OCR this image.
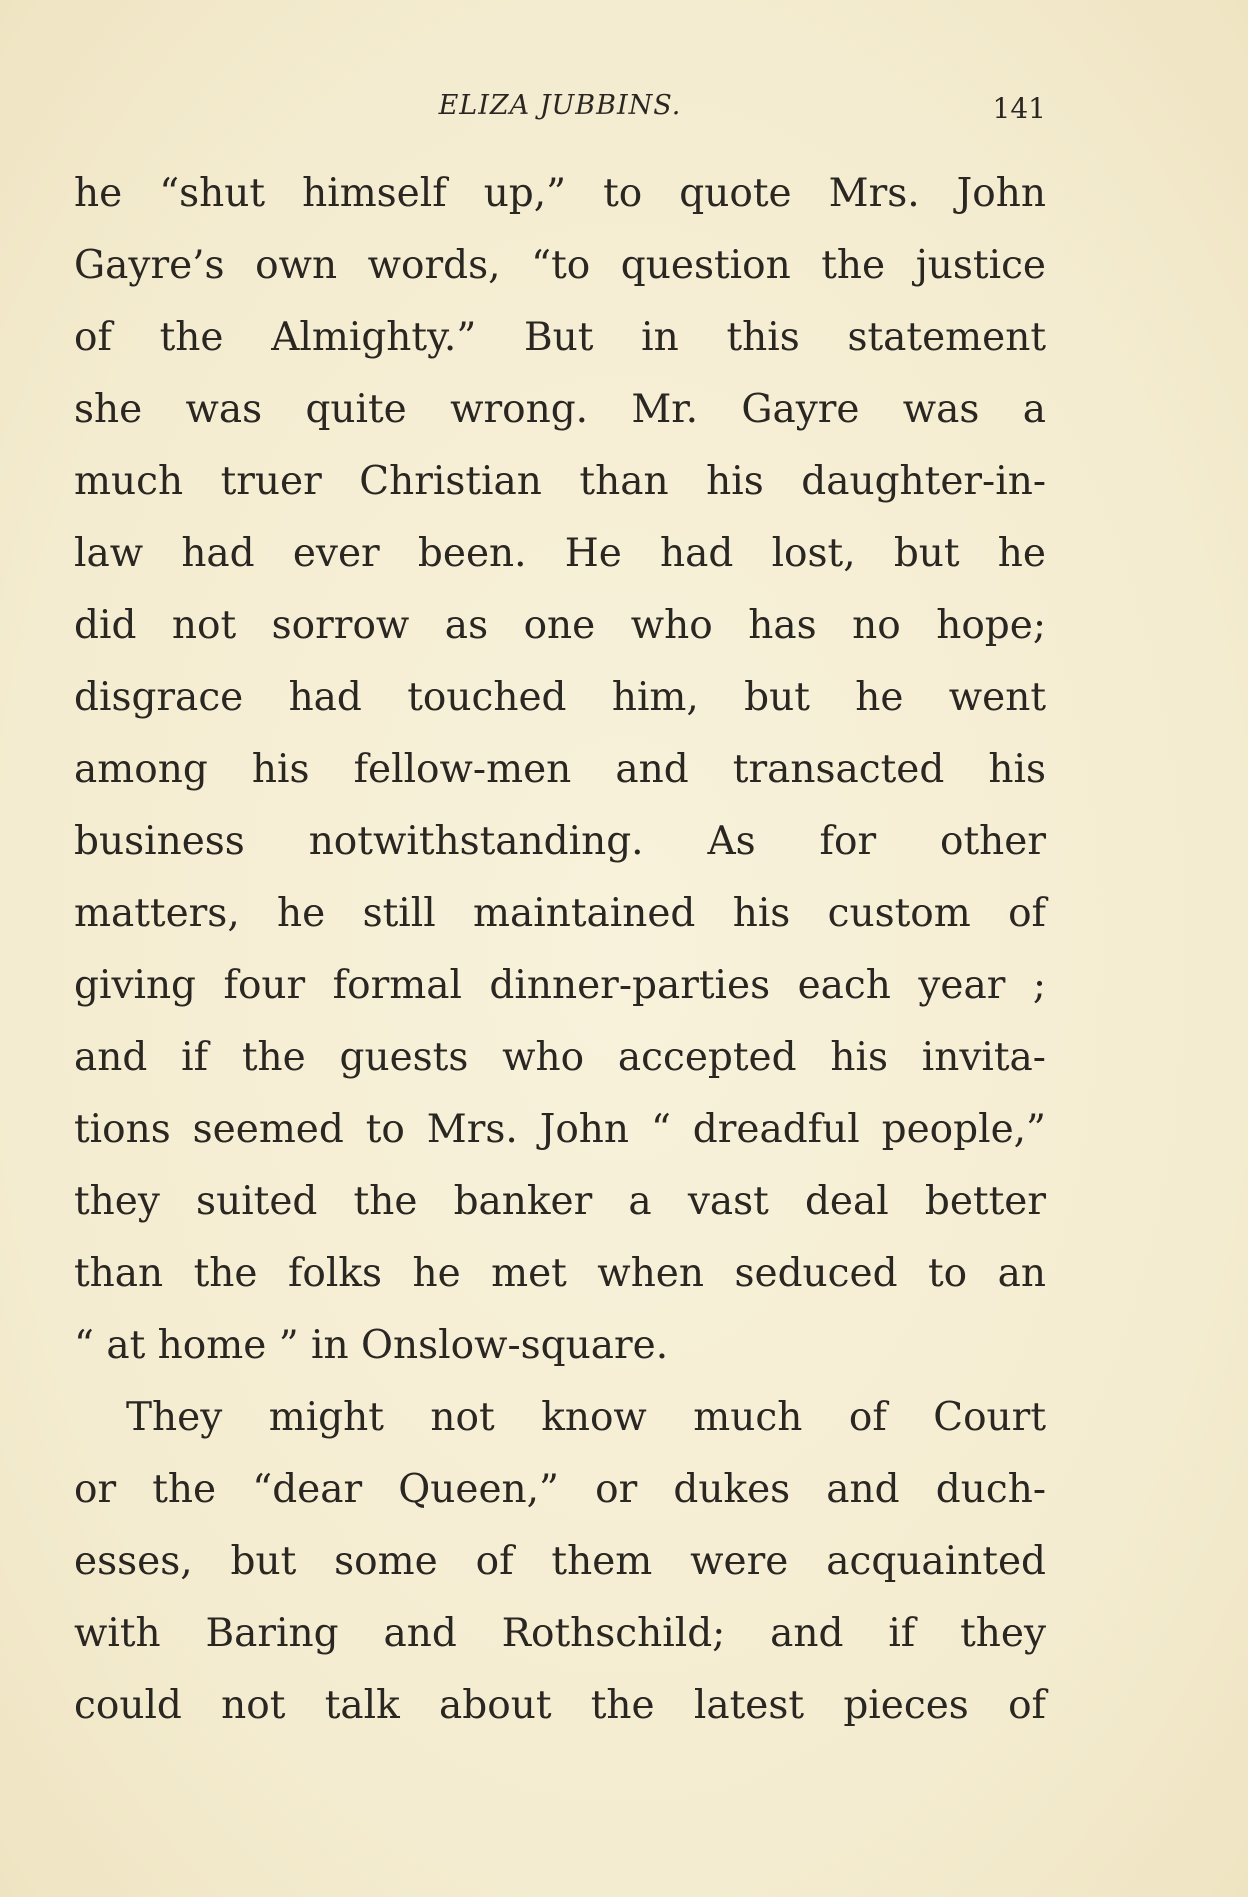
ELIZA JUBBINS.	141
he “shut himself up,” to quote Mrs. John
Gayre’s own words, “to question the justice
of the Almighty.” But in this statement
she was quite wrong. Mr. Gayre was a
much truer Christian than his daughter-in-
law had ever been. He had lost, but he
did not sorrow as one who has no hope;
disgrace had touched him, but he went
among his fellow-men and transacted his
business notwithstanding. As for other
matters, he still maintained his custom of
giving four formal dinner-parties each year ;
and if the guests who accepted his invita-
tions seemed to Mrs. John “ dreadful people,”
they suited the banker a vast deal better
than the folks he met when seduced to an
“ at home ” in Onslow-square.
They might not know much of Court
or the “dear Queen,” or dukes and duch-
esses, but some of them were acquainted
with Baring and Rothschild; and if they
could not talk about the latest pieces of
